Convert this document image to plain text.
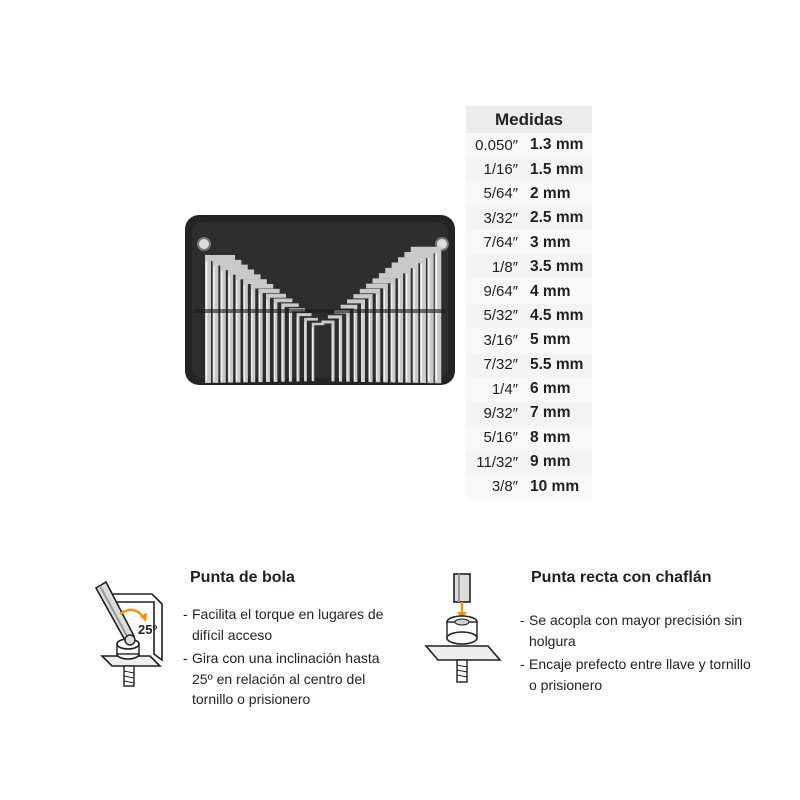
Medidas
0.050″ 1.3 mm
1/16″ 1.5 mm
5/64″ 2 mm
3/32″ 2.5 mm
7/64″ 3 mm
1/8″ 3.5 mm
9/64″ 4 mm
5/32″ 4.5 mm
3/16″ 5 mm
7/32″ 5.5 mm
1/4″ 6 mm
9/32″ 7 mm
5/16″ 8 mm
11/32″ 9 mm
3/8″ 10 mm
25º
Punta de bola
- Facilita el torque en lugares de difícil acceso
- Gira con una inclinación hasta 25º en relación al centro del tornillo o prisionero
Punta recta con chaflán
- Se acopla con mayor precisión sin holgura
- Encaje prefecto entre llave y tornillo o prisionero
